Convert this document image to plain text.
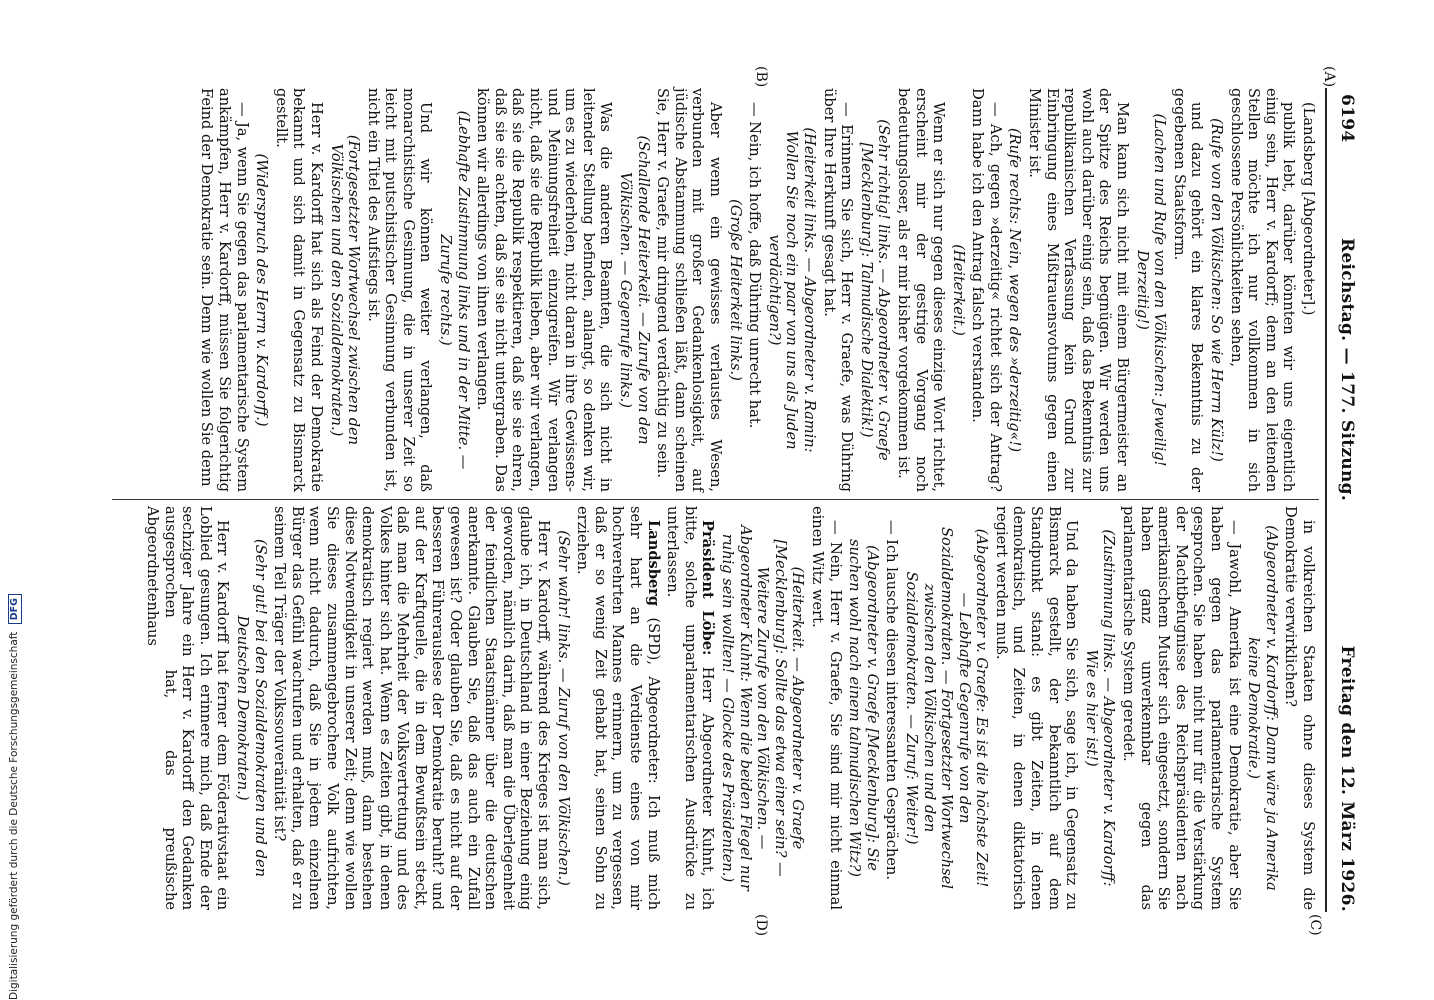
6194
Reichstag. — 177. Sitzung.
Freitag den 12. März 1926.
(A)
(B)
(C)
(D)

(Landsberg [Abgeordneter].)

publik lebt, darüber könnten wir uns eigentlich einig sein, Herr v. Kardorff; denn an den leitenden Stellen möchte ich nur vollkommen in sich geschlossene Persönlichkeiten sehen,

(Rufe von den Völkischen: So wie Herrn Külz!)

und dazu gehört ein klares Bekenntnis zu der gegebenen Staatsform.

(Lachen und Rufe von den Völkischen: Jeweilig! Derzeitig!)

Man kann sich nicht mit einem Bürgermeister an der Spitze des Reichs begnügen. Wir werden uns wohl auch darüber einig sein, daß das Bekenntnis zur republikanischen Verfassung kein Grund zur Einbringung eines Mißtrauensvotums gegen einen Minister ist.

(Rufe rechts: Nein, wegen des »derzeitig«!)

— Ach, gegen »derzeitig« richtet sich der Antrag? Dann habe ich den Antrag falsch verstanden.

(Heiterkeit.)

Wenn er sich nur gegen dieses einzige Wort richtet, erscheint mir der gestrige Vorgang noch bedeutungsloser, als er mir bisher vorgekommen ist.

(Sehr richtig! links. — Abgeordneter v. Graefe [Mecklenburg]: Talmudische Dialektik!)

— Erinnern Sie sich, Herr v. Graefe, was Dühring über Ihre Herkunft gesagt hat.

(Heiterkeit links. — Abgeordneter v. Ramin: Wollen Sie noch ein paar von uns als Juden verdächtigen?)

— Nein, ich hoffe, daß Dühring unrecht hat.

(Große Heiterkeit links.)

Aber wenn ein gewisses verlaustes Wesen, verbunden mit großer Gedankenlosigkeit, auf jüdische Abstammung schließen läßt, dann scheinen Sie, Herr v. Graefe, mir dringend verdächtig zu sein.

(Schallende Heiterkeit. — Zurufe von den Völkischen. — Gegenrufe links.)

Was die anderen Beamten, die sich nicht in leitender Stellung befinden, anlangt, so denken wir, um es zu wiederholen, nicht daran in ihre Gewissens- und Meinungsfreiheit einzugreifen. Wir verlangen nicht, daß sie die Republik lieben, aber wir verlangen, daß sie die Republik respektieren, daß sie sie ehren, daß sie sie achten, daß sie sie nicht untergraben. Das können wir allerdings von ihnen verlangen.

(Lebhafte Zustimmung links und in der Mitte. — Zurufe rechts.)

Und wir können weiter verlangen, daß monarchistische Gesinnung, die in unserer Zeit so leicht mit putschistischer Gesinnung verbunden ist, nicht ein Titel des Aufstiegs ist.

(Fortgesetzter Wortwechsel zwischen den Völkischen und den Sozialdemokraten.)

Herr v. Kardorff hat sich als Feind der Demokratie bekannt und sich damit in Gegensatz zu Bismarck gestellt.

(Widerspruch des Herrn v. Kardorff.)

— Ja, wenn Sie gegen das parlamentarische System ankämpfen, Herr v. Kardorff, müssen Sie folgerichtig Feind der Demokratie sein. Denn wie wollen Sie denn

in volkreichen Staaten ohne dieses System die Demokratie verwirklichen?

(Abgeordneter v. Kardorff: Dann wäre ja Amerika keine Demokratie.)

— Jawohl, Amerika ist eine Demokratie, aber Sie haben gegen das parlamentarische System gesprochen. Sie haben nicht nur für die Verstärkung der Machtbefugnisse des Reichspräsidenten nach amerikanischem Muster sich eingesetzt, sondern Sie haben ganz unverkennbar gegen das parlamentarische System geredet.

(Zustimmung links. — Abgeordneter v. Kardorff: Wie es hier ist!)

Und da haben Sie sich, sage ich, in Gegensatz zu Bismarck gestellt, der bekanntlich auf dem Standpunkt stand: es gibt Zeiten, in denen demokratisch, und Zeiten, in denen diktatorisch regiert werden muß.

(Abgeordneter v. Graefe: Es ist die höchste Zeit! — Lebhafte Gegenrufe von den Sozialdemokraten. — Fortgesetzter Wortwechsel zwischen den Völkischen und den Sozialdemokraten. — Zuruf: Weiter!)

— Ich lausche diesen interessanten Gesprächen.

(Abgeordneter v. Graefe [Mecklenburg]: Sie suchen wohl nach einem talmudischen Witz?)

— Nein, Herr v. Graefe, Sie sind mir nicht einmal einen Witz wert.

(Heiterkeit. — Abgeordneter v. Graefe [Mecklenburg]: Sollte das etwa einer sein? — Weitere Zurufe von den Völkischen. — Abgeordneter Kuhnt: Wenn die beiden Flegel nur ruhig sein wollten! — Glocke des Präsidenten.)

Präsident Löbe: Herr Abgeordneter Kuhnt, ich bitte, solche unparlamentarischen Ausdrücke zu unterlassen.

Landsberg (SPD), Abgeordneter: Ich muß mich sehr hart an die Verdienste eines von mir hochverehrten Mannes erinnern, um zu vergessen, daß er so wenig Zeit gehabt hat, seinen Sohn zu erziehen.

(Sehr wahr! links. — Zuruf von den Völkischen.)

Herr v. Kardorff, während des Krieges ist man sich, glaube ich, in Deutschland in einer Beziehung einig geworden, nämlich darin, daß man die Überlegenheit der feindlichen Staatsmänner über die deutschen anerkannte. Glauben Sie, daß das auch ein Zufall gewesen ist? Oder glauben Sie, daß es nicht auf der besseren Führerauslese der Demokratie beruht? und auf der Kraftquelle, die in dem Bewußtsein steckt, daß man die Mehrheit der Volksvertretung und des Volkes hinter sich hat. Wenn es Zeiten gibt, in denen demokratisch regiert werden muß, dann bestehen diese Notwendigkeit in unserer Zeit; denn wie wollen Sie dieses zusammengebrochene Volk aufrichten, wenn nicht dadurch, daß Sie in jedem einzelnen Bürger das Gefühl wachrufen und erhalten, daß er zu seinem Teil Träger der Volkssouveränität ist?

(Sehr gut! bei den Sozialdemokraten und den Deutschen Demokraten.)

Herr v. Kardorff hat ferner dem Föderativstaat ein Loblied gesungen. Ich erinnere mich, daß Ende der sechziger Jahre ein Herr v. Kardorff den Gedanken ausgesprochen hat, das preußische Abgeordnetenhaus

Digitalisierung gefördert durch die Deutsche Forschungsgemeinschaft DFG
